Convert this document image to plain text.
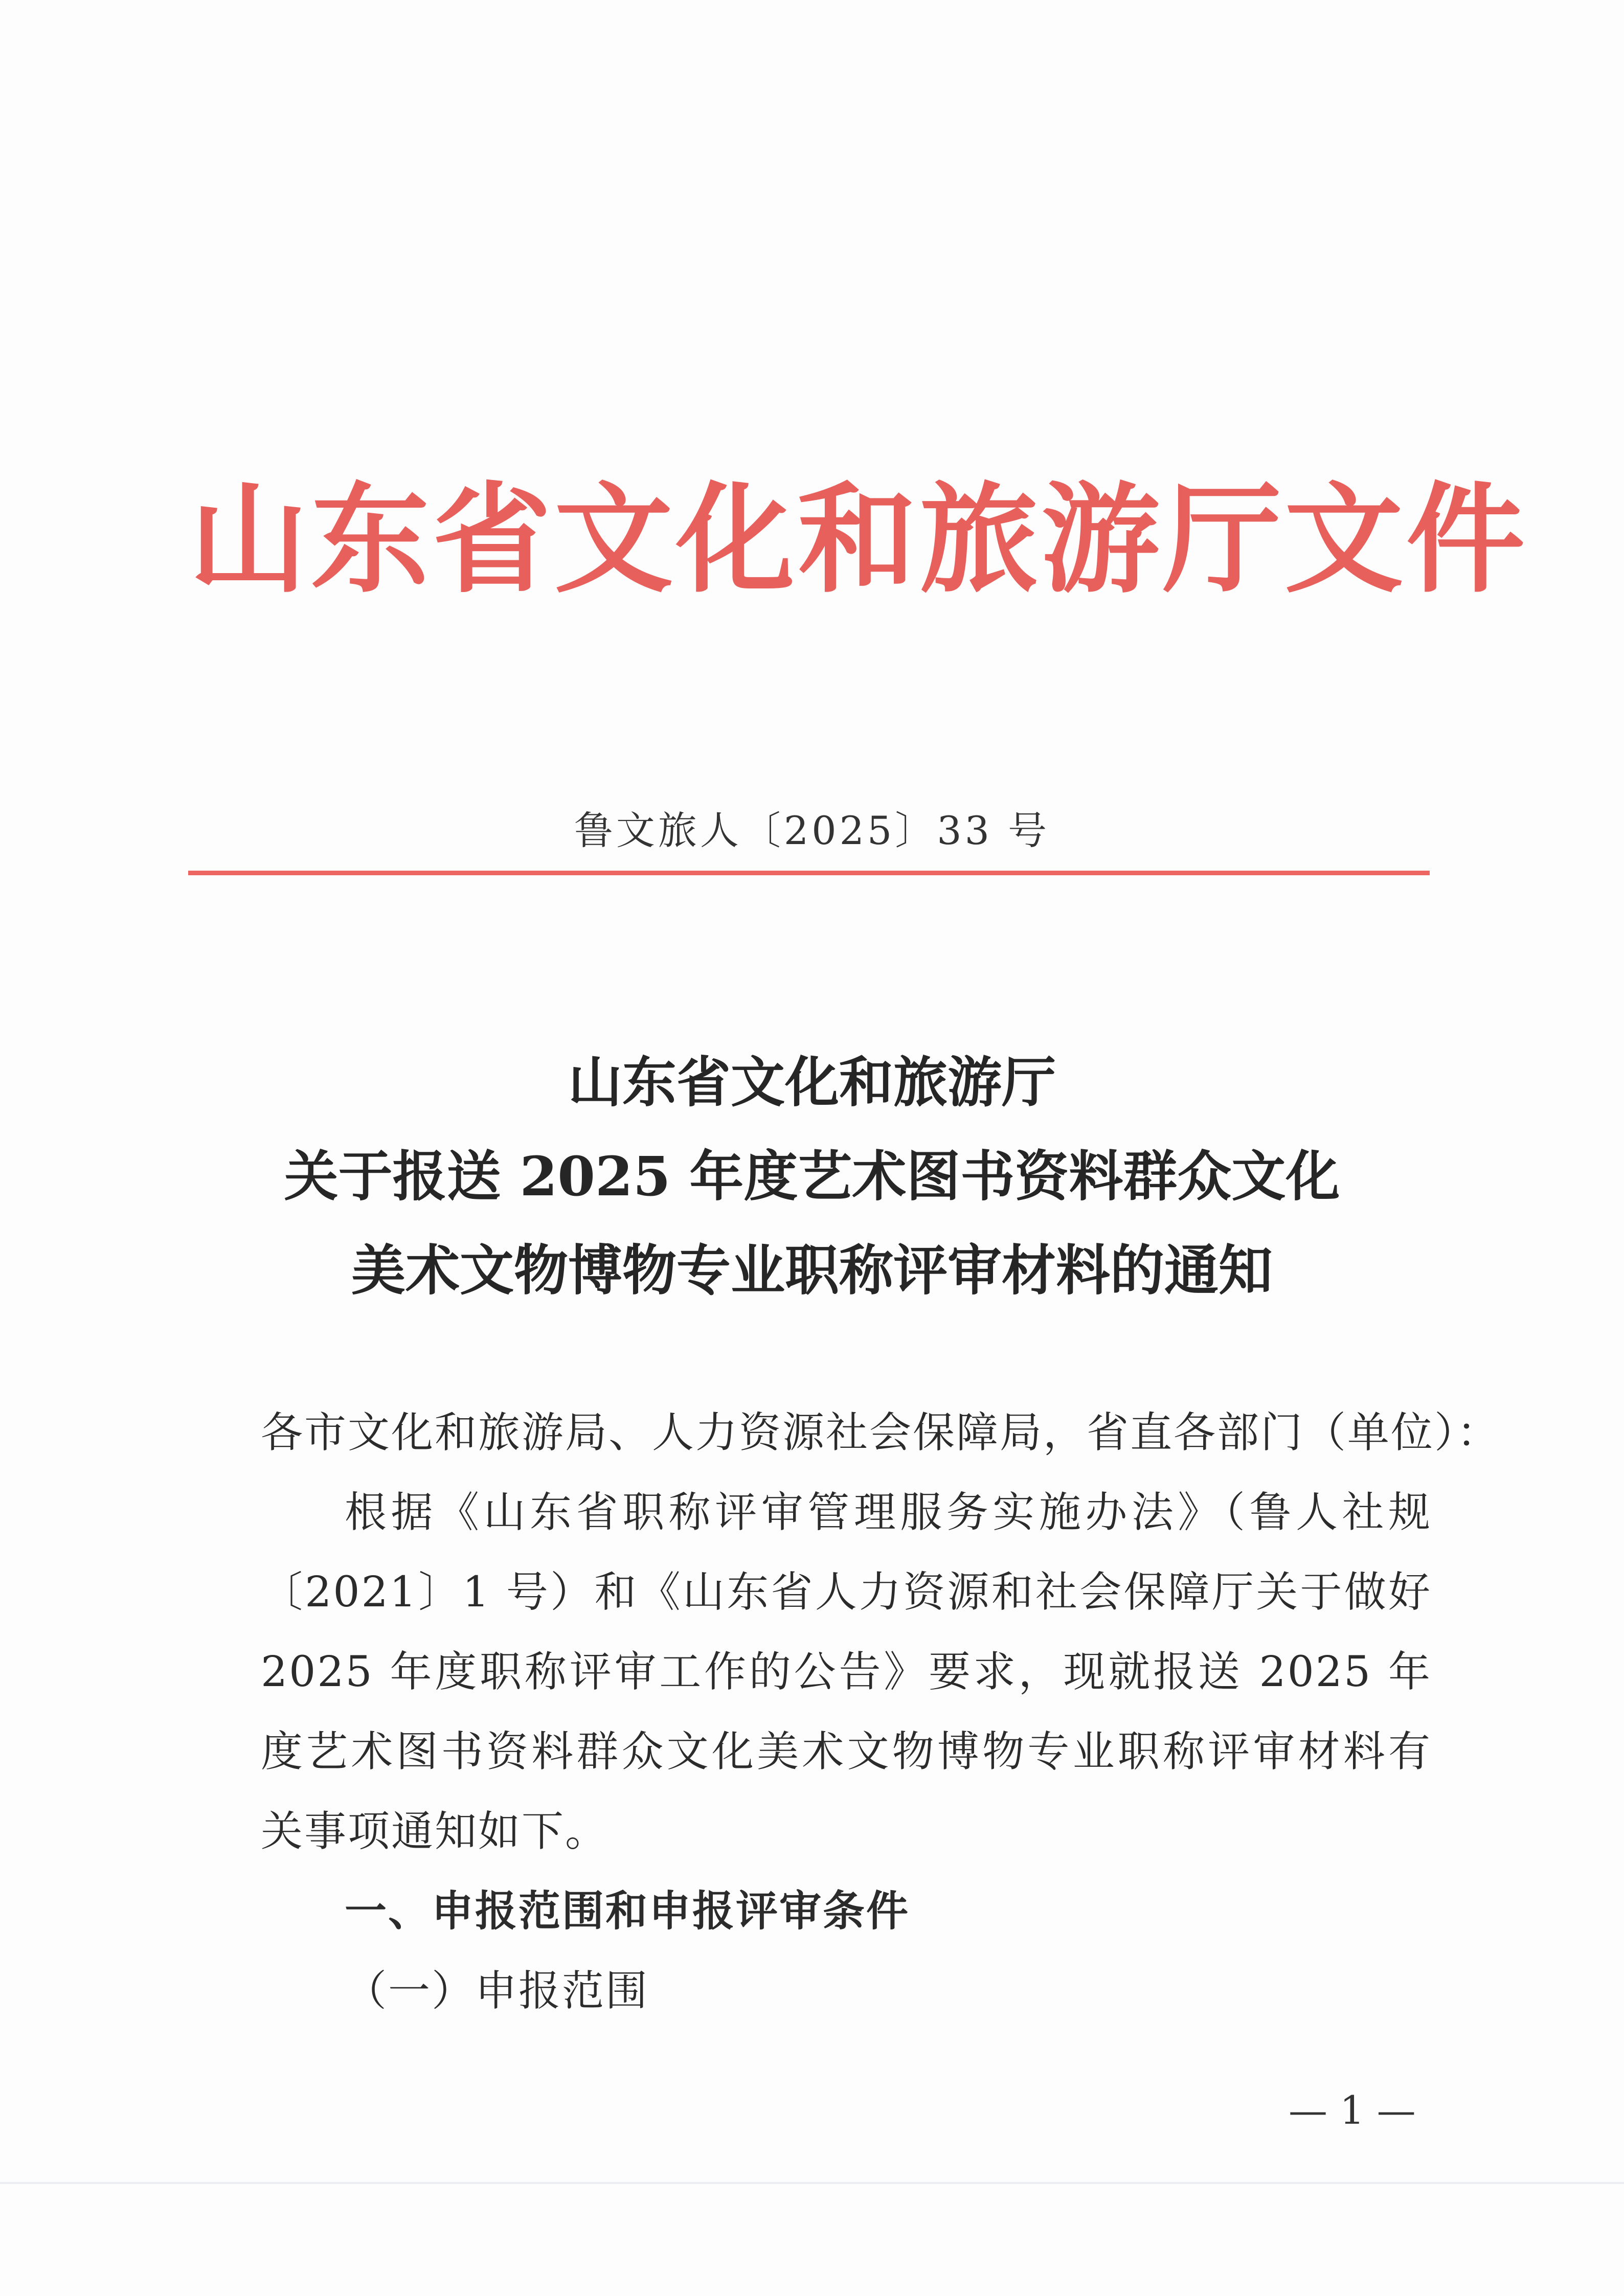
山东省文化和旅游厅文件
鲁文旅人〔2025〕33 号
山东省文化和旅游厅
关于报送 2025 年度艺术图书资料群众文化
美术文物博物专业职称评审材料的通知

各市文化和旅游局、人力资源社会保障局，省直各部门（单位）：

根据《山东省职称评审管理服务实施办法》（鲁人社规〔2021〕1 号）和《山东省人力资源和社会保障厅关于做好 2025 年度职称评审工作的公告》要求，现就报送 2025 年度艺术图书资料群众文化美术文物博物专业职称评审材料有关事项通知如下。

一、申报范围和申报评审条件

（一）申报范围

— 1 —
